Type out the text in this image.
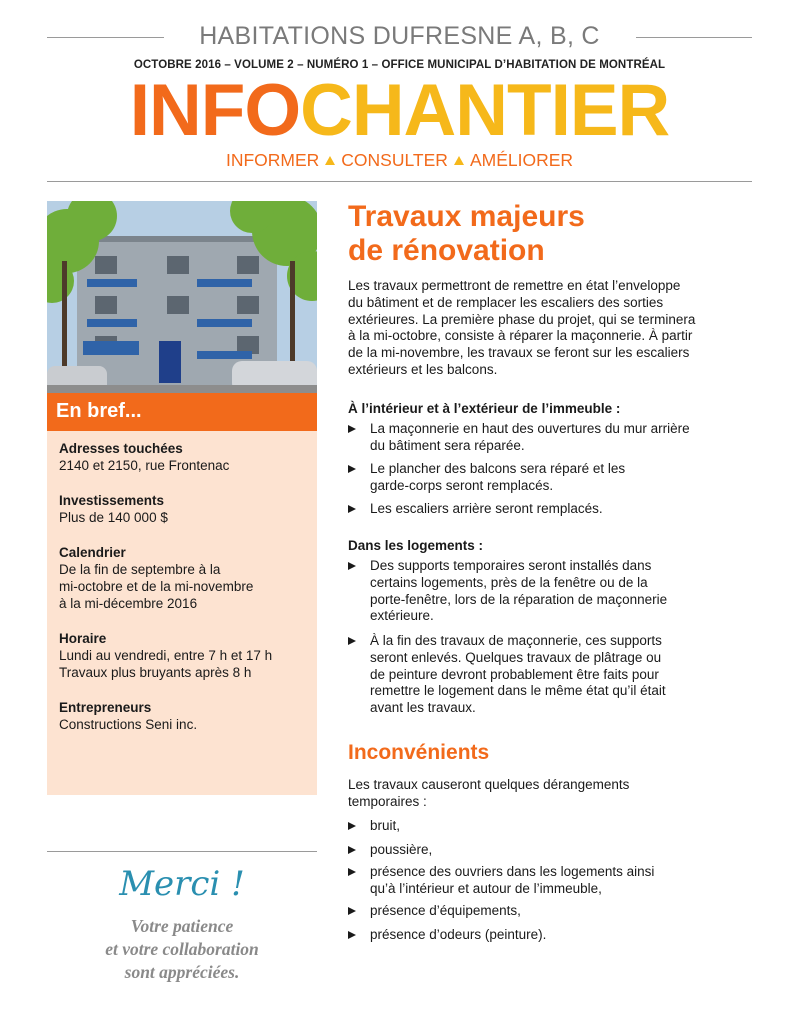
HABITATIONS DUFRESNE A, B, C
OCTOBRE 2016 – VOLUME 2 – NUMÉRO 1 – OFFICE MUNICIPAL D’HABITATION DE MONTRÉAL
INFOCHANTIER
INFORMER CONSULTER AMÉLIORER
En bref...
Adresses touchées
2140 et 2150, rue Frontenac
Investissements
Plus de 140 000 $
Calendrier
De la fin de septembre à la
mi-octobre et de la mi-novembre
à la mi-décembre 2016
Horaire
Lundi au vendredi, entre 7 h et 17 h
Travaux plus bruyants après 8 h
Entrepreneurs
Constructions Seni inc.
Merci !
Votre patience
et votre collaboration
sont appréciées.
Travaux majeurs
de rénovation
Les travaux permettront de remettre en état l’enveloppe
du bâtiment et de remplacer les escaliers des sorties
extérieures. La première phase du projet, qui se terminera
à la mi-octobre, consiste à réparer la maçonnerie. À partir
de la mi-novembre, les travaux se feront sur les escaliers
extérieurs et les balcons.
À l’intérieur et à l’extérieur de l’immeuble :
La maçonnerie en haut des ouvertures du mur arrière
du bâtiment sera réparée.
Le plancher des balcons sera réparé et les
garde-corps seront remplacés.
Les escaliers arrière seront remplacés.
Dans les logements :
Des supports temporaires seront installés dans
certains logements, près de la fenêtre ou de la
porte-fenêtre, lors de la réparation de maçonnerie
extérieure.
À la fin des travaux de maçonnerie, ces supports
seront enlevés. Quelques travaux de plâtrage ou
de peinture devront probablement être faits pour
remettre le logement dans le même état qu’il était
avant les travaux.
Inconvénients
Les travaux causeront quelques dérangements
temporaires :
bruit,
poussière,
présence des ouvriers dans les logements ainsi
qu’à l’intérieur et autour de l’immeuble,
présence d’équipements,
présence d’odeurs (peinture).
